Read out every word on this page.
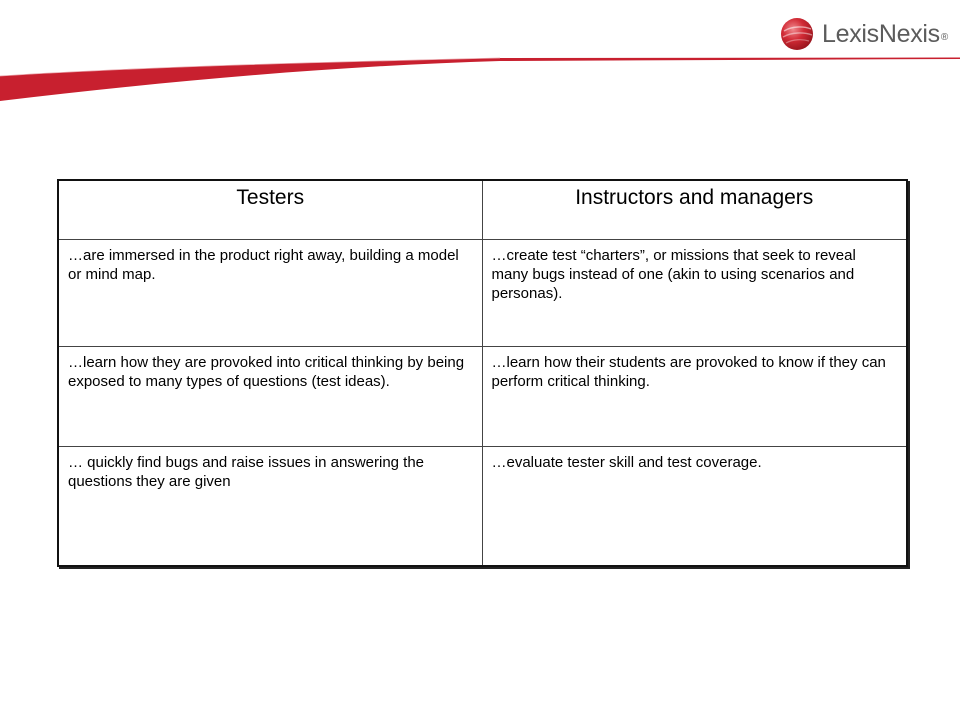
LexisNexis®
Testers	Instructors and managers
…are immersed in the product right away, building a model or mind map.	…create test “charters”, or missions that seek to reveal many bugs instead of one (akin to using scenarios and personas).
…learn how they are provoked into critical thinking by being exposed to many types of questions (test ideas).	…learn how their students are provoked to know if they can perform critical thinking.
… quickly find bugs and raise issues in answering the questions they are given	…evaluate tester skill and test coverage.
